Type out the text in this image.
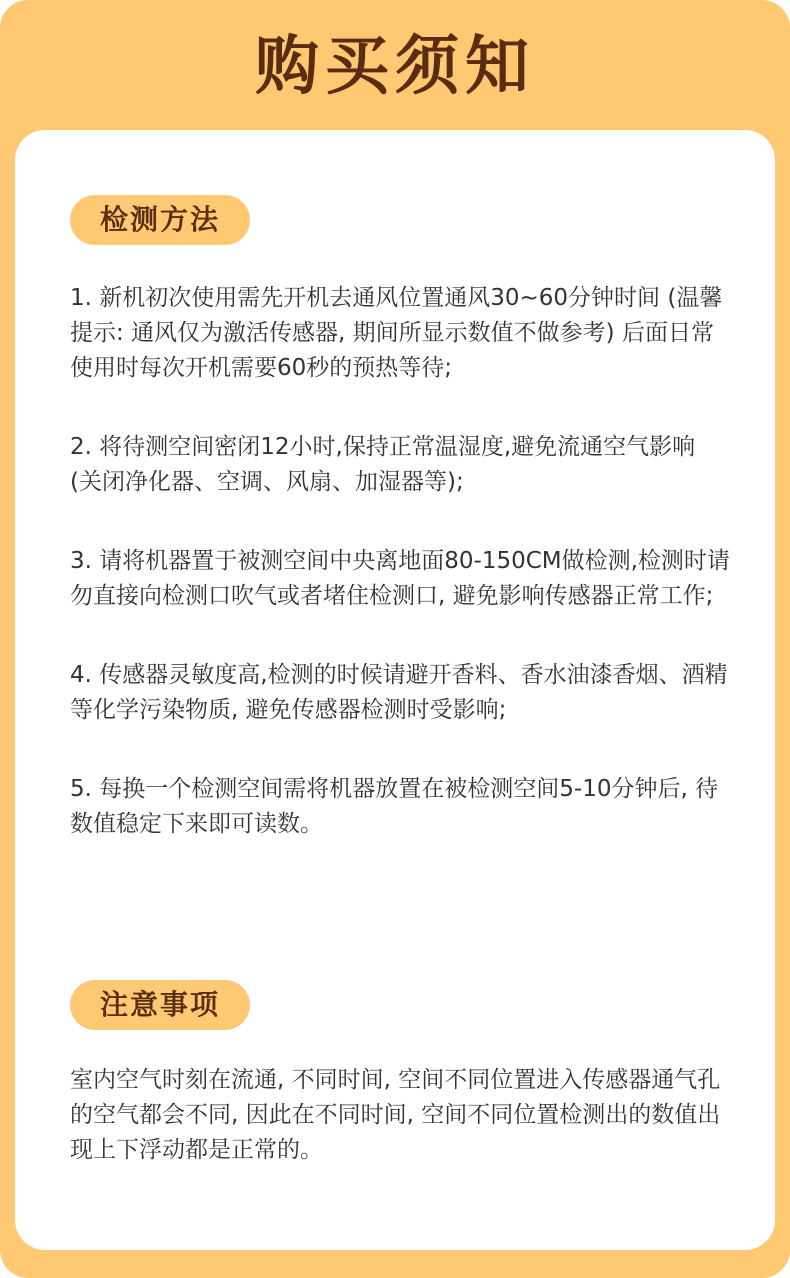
购买须知
检测方法

1. 新机初次使用需先开机去通风位置通风30~60分钟时间 (温馨提示: 通风仅为激活传感器, 期间所显示数值不做参考) 后面日常使用时每次开机需要60秒的预热等待;

2. 将待测空间密闭12小时,保持正常温湿度,避免流通空气影响 (关闭净化器、空调、风扇、加湿器等);

3. 请将机器置于被测空间中央离地面80-150CM做检测,检测时请勿直接向检测口吹气或者堵住检测口, 避免影响传感器正常工作;

4. 传感器灵敏度高,检测的时候请避开香料、香水油漆香烟、酒精等化学污染物质, 避免传感器检测时受影响;

5. 每换一个检测空间需将机器放置在被检测空间5-10分钟后, 待数值稳定下来即可读数。

注意事项

室内空气时刻在流通, 不同时间, 空间不同位置进入传感器通气孔的空气都会不同, 因此在不同时间, 空间不同位置检测出的数值出现上下浮动都是正常的。
